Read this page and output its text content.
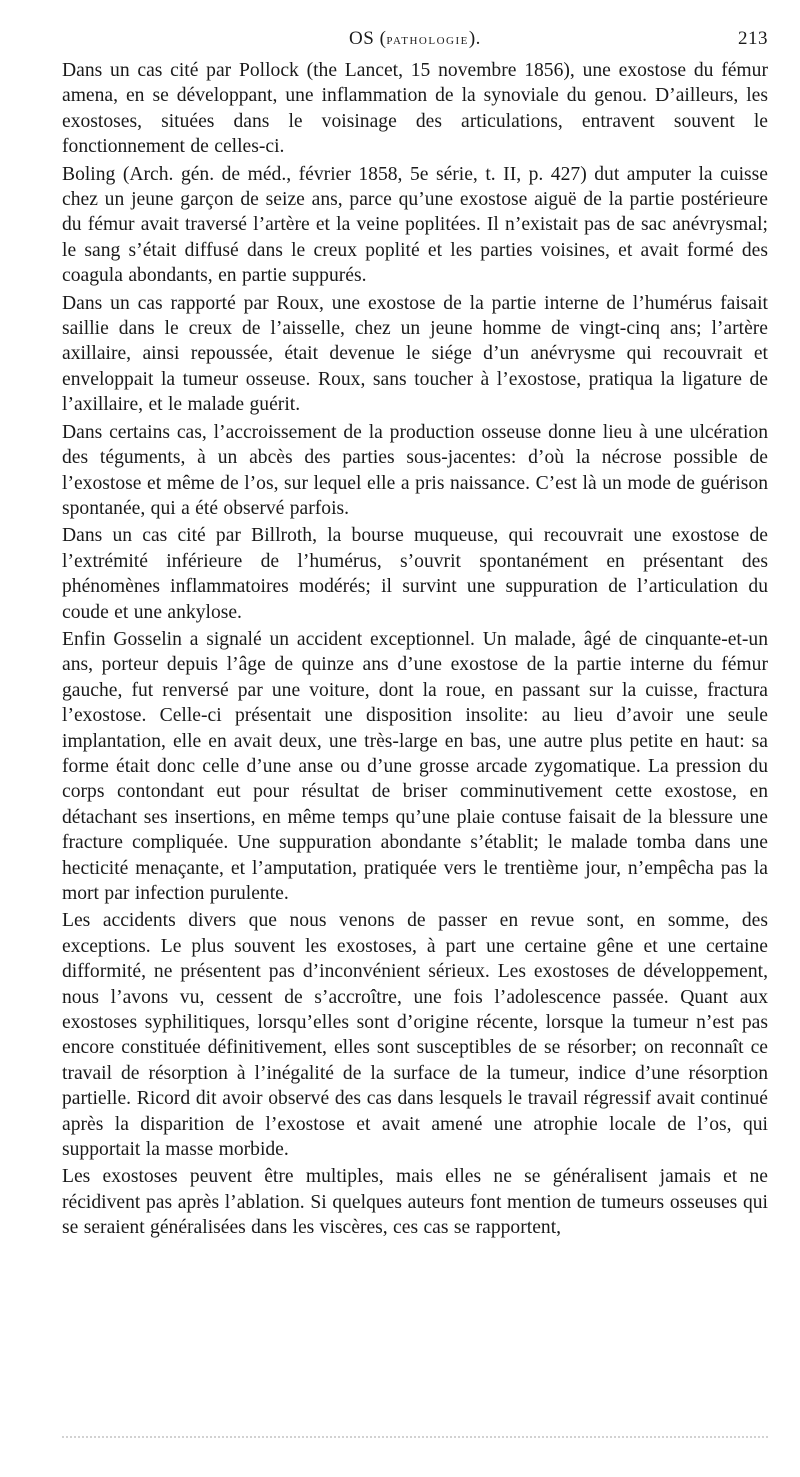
OS (pathologie).	213

Dans un cas cité par Pollock (the Lancet, 15 novembre 1856), une exostose du fémur amena, en se développant, une inflammation de la synoviale du genou. D’ailleurs, les exostoses, situées dans le voisinage des articulations, entravent souvent le fonctionnement de celles-ci.

Boling (Arch. gén. de méd., février 1858, 5e série, t. II, p. 427) dut amputer la cuisse chez un jeune garçon de seize ans, parce qu’une exostose aiguë de la partie postérieure du fémur avait traversé l’artère et la veine poplitées. Il n’existait pas de sac anévrysmal; le sang s’était diffusé dans le creux poplité et les parties voisines, et avait formé des coagula abondants, en partie suppurés.

Dans un cas rapporté par Roux, une exostose de la partie interne de l’humérus faisait saillie dans le creux de l’aisselle, chez un jeune homme de vingt-cinq ans; l’artère axillaire, ainsi repoussée, était devenue le siége d’un anévrysme qui recouvrait et enveloppait la tumeur osseuse. Roux, sans toucher à l’exostose, pratiqua la ligature de l’axillaire, et le malade guérit.

Dans certains cas, l’accroissement de la production osseuse donne lieu à une ulcération des téguments, à un abcès des parties sous-jacentes: d’où la nécrose possible de l’exostose et même de l’os, sur lequel elle a pris naissance. C’est là un mode de guérison spontanée, qui a été observé parfois.

Dans un cas cité par Billroth, la bourse muqueuse, qui recouvrait une exostose de l’extrémité inférieure de l’humérus, s’ouvrit spontanément en présentant des phénomènes inflammatoires modérés; il survint une suppuration de l’articulation du coude et une ankylose.

Enfin Gosselin a signalé un accident exceptionnel. Un malade, âgé de cinquante-et-un ans, porteur depuis l’âge de quinze ans d’une exostose de la partie interne du fémur gauche, fut renversé par une voiture, dont la roue, en passant sur la cuisse, fractura l’exostose. Celle-ci présentait une disposition insolite: au lieu d’avoir une seule implantation, elle en avait deux, une très-large en bas, une autre plus petite en haut: sa forme était donc celle d’une anse ou d’une grosse arcade zygomatique. La pression du corps contondant eut pour résultat de briser comminutivement cette exostose, en détachant ses insertions, en même temps qu’une plaie contuse faisait de la blessure une fracture compliquée. Une suppuration abondante s’établit; le malade tomba dans une hecticité menaçante, et l’amputation, pratiquée vers le trentième jour, n’empêcha pas la mort par infection purulente.

Les accidents divers que nous venons de passer en revue sont, en somme, des exceptions. Le plus souvent les exostoses, à part une certaine gêne et une certaine difformité, ne présentent pas d’inconvénient sérieux. Les exostoses de développement, nous l’avons vu, cessent de s’accroître, une fois l’adolescence passée. Quant aux exostoses syphilitiques, lorsqu’elles sont d’origine récente, lorsque la tumeur n’est pas encore constituée définitivement, elles sont susceptibles de se résorber; on reconnaît ce travail de résorption à l’inégalité de la surface de la tumeur, indice d’une résorption partielle. Ricord dit avoir observé des cas dans lesquels le travail régressif avait continué après la disparition de l’exostose et avait amené une atrophie locale de l’os, qui supportait la masse morbide.

Les exostoses peuvent être multiples, mais elles ne se généralisent jamais et ne récidivent pas après l’ablation. Si quelques auteurs font mention de tumeurs osseuses qui se seraient généralisées dans les viscères, ces cas se rapportent,
